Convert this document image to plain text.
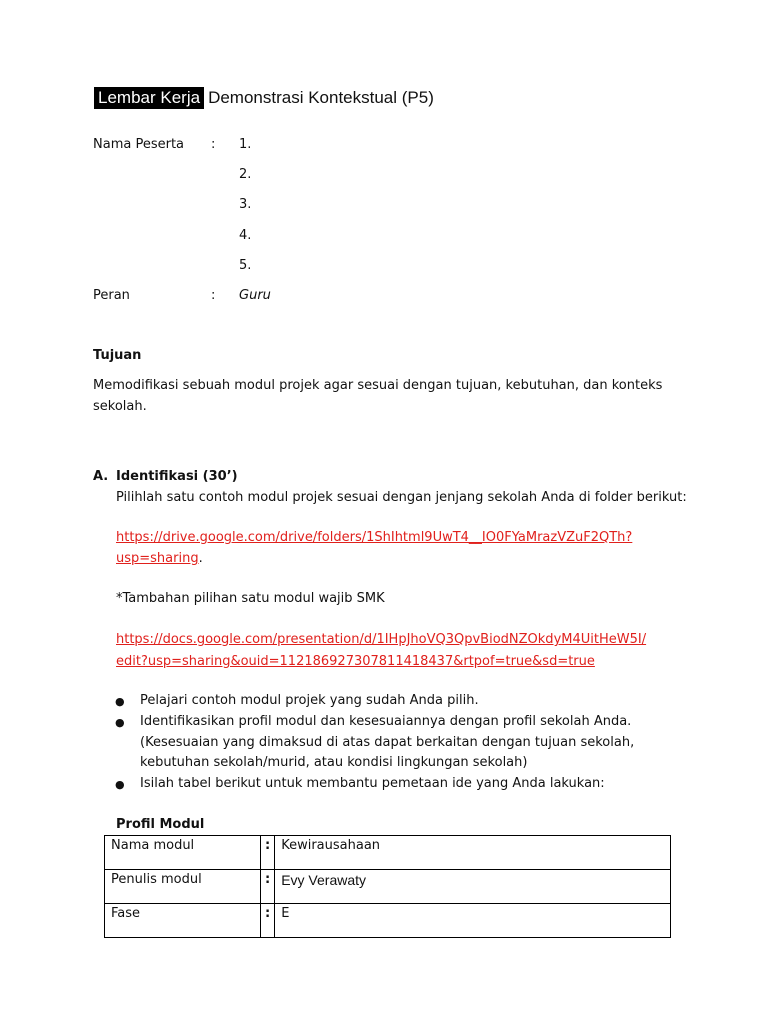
Lembar Kerja Demonstrasi Kontekstual (P5)
Nama Peserta : 1.
2.
3.
4.
5.
Peran	: Guru
Tujuan
Memodifikasi sebuah modul projek agar sesuai dengan tujuan, kebutuhan, dan konteks
sekolah.
A. Identifikasi (30’)
Pilihlah satu contoh modul projek sesuai dengan jenjang sekolah Anda di folder berikut:
https://drive.google.com/drive/folders/1ShIhtml9UwT4__IO0FYaMrazVZuF2QTh?
usp=sharing.
*Tambahan pilihan satu modul wajib SMK
https://docs.google.com/presentation/d/1IHpJhoVQ3QpvBiodNZOkdyM4UitHeW5I/
edit?usp=sharing&ouid=112186927307811418437&rtpof=true&sd=true
● Pelajari contoh modul projek yang sudah Anda pilih.
● Identifikasikan profil modul dan kesesuaiannya dengan profil sekolah Anda.
(Kesesuaian yang dimaksud di atas dapat berkaitan dengan tujuan sekolah,
kebutuhan sekolah/murid, atau kondisi lingkungan sekolah)
● Isilah tabel berikut untuk membantu pemetaan ide yang Anda lakukan:
Profil Modul
Nama modul	:	Kewirausahaan
Penulis modul	:	Evy Verawaty
Fase	:	E
